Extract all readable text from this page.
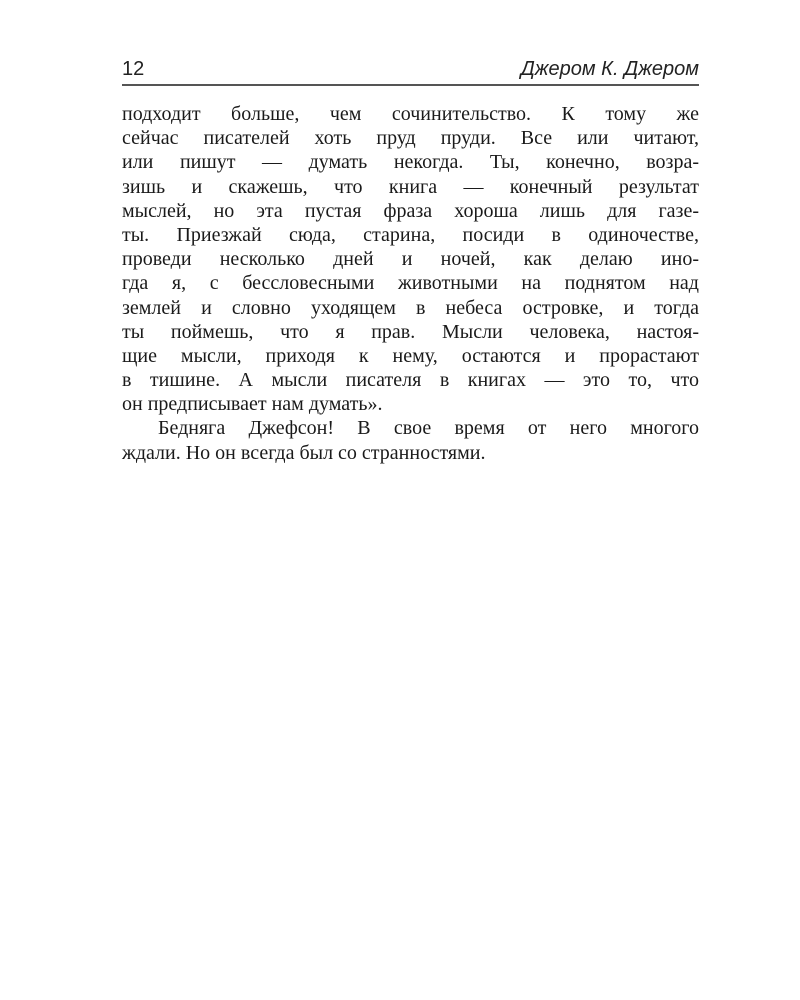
12	Джером К. Джером
подходит больше, чем сочинительство. К тому же
сейчас писателей хоть пруд пруди. Все или читают,
или пишут — думать некогда. Ты, конечно, возра-
зишь и скажешь, что книга — конечный результат
мыслей, но эта пустая фраза хороша лишь для газе-
ты. Приезжай сюда, старина, посиди в одиночестве,
проведи несколько дней и ночей, как делаю ино-
гда я, с бессловесными животными на поднятом над
землей и словно уходящем в небеса островке, и тогда
ты поймешь, что я прав. Мысли человека, настоя-
щие мысли, приходя к нему, остаются и прорастают
в тишине. А мысли писателя в книгах — это то, что
он предписывает нам думать».
Бедняга Джефсон! В свое время от него многого
ждали. Но он всегда был со странностями.
